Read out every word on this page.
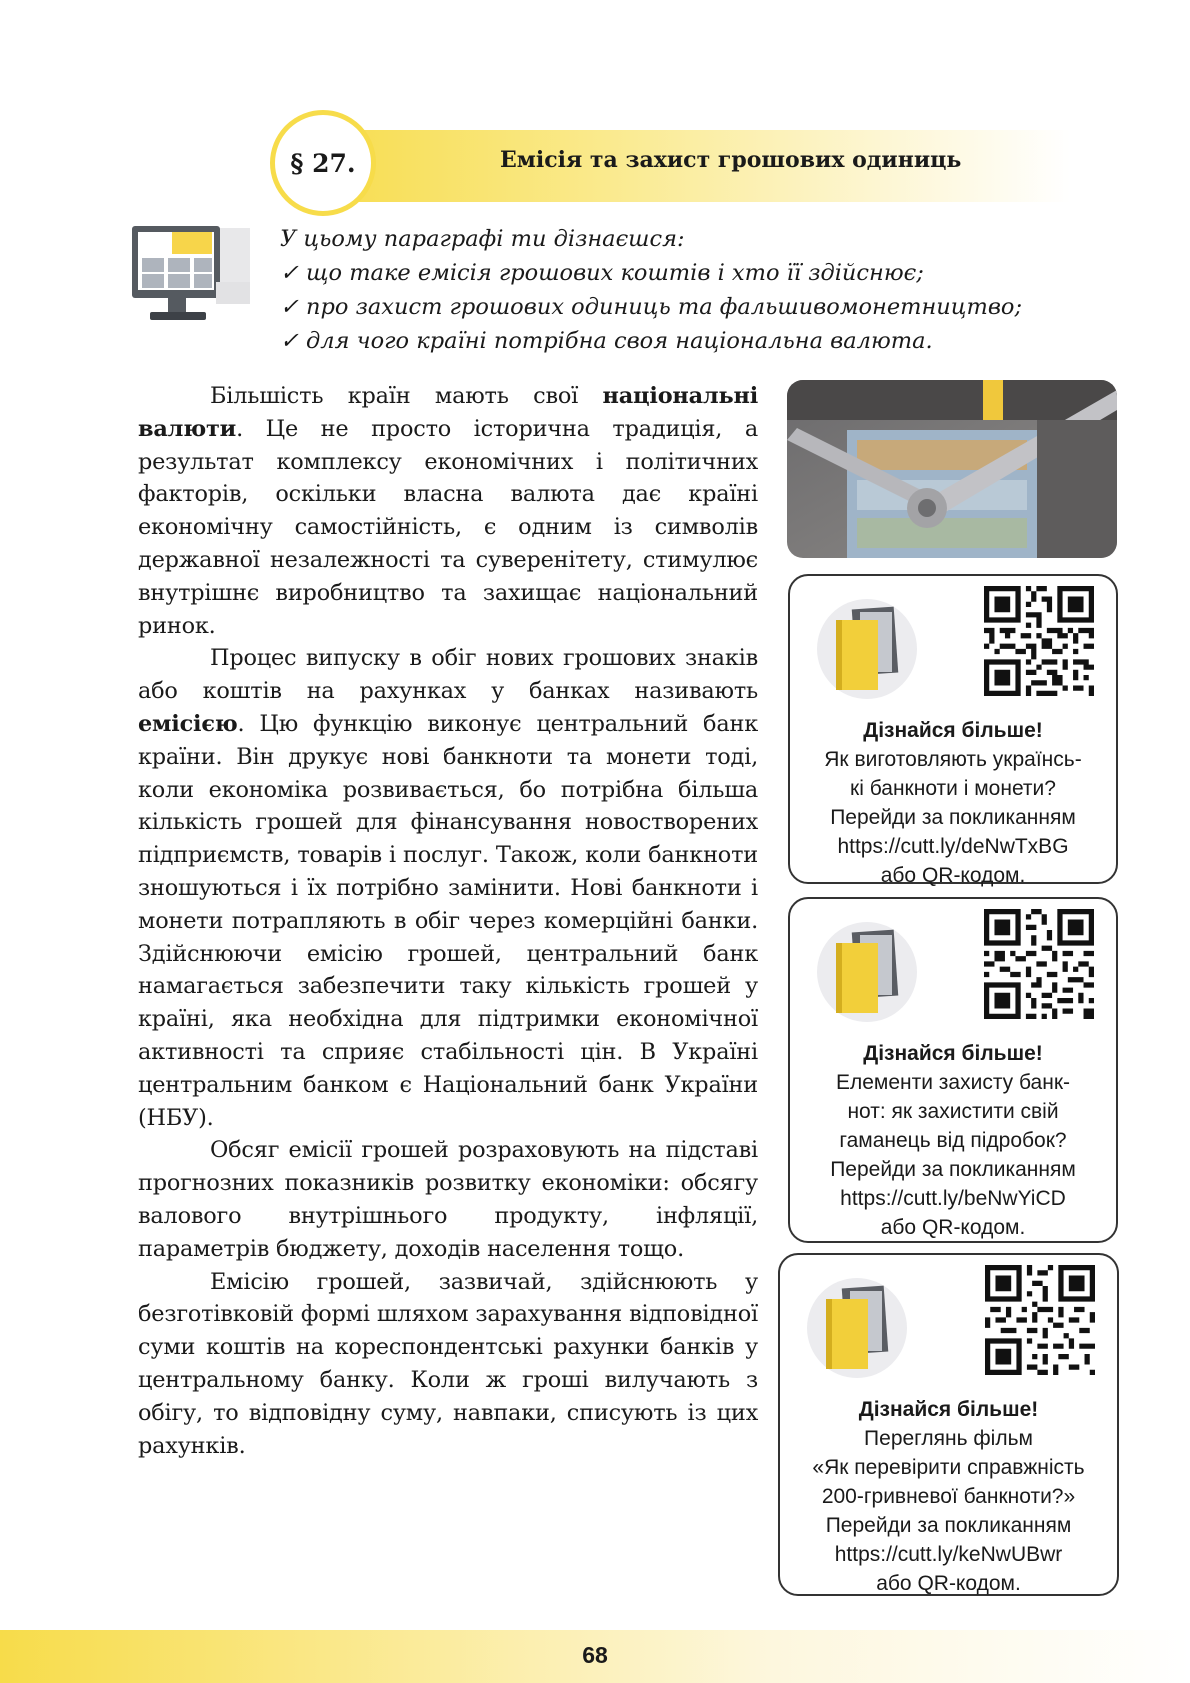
§ 27.	Емісія та захист грошових одиниць
У цьому параграфі ти дізнаєшся:
✓ що таке емісія грошових коштів і хто її здійснює;
✓ про захист грошових одиниць та фальшивомонетництво;
✓ для чого країні потрібна своя національна валюта.

Більшість країн мають свої національні валюти. Це не просто історична традиція, а результат комплексу економічних і політичних факторів, оскільки власна валюта дає країні економічну самостійність, є одним із символів державної незалежності та суверенітету, стимулює внутрішнє виробництво та захищає національний ринок.

Процес випуску в обіг нових грошових знаків або коштів на рахунках у банках називають емісією. Цю функцію виконує центральний банк країни. Він друкує нові банкноти та монети тоді, коли економіка розвивається, бо потрібна більша кількість грошей для фінансування новостворених підприємств, товарів і послуг. Також, коли банкноти зношуються і їх потрібно замінити. Нові банкноти і монети потрапляють в обіг через комерційні банки. Здійснюючи емісію грошей, центральний банк намагається забезпечити таку кількість грошей у країні, яка необхідна для підтримки економічної активності та сприяє стабільності цін. В Україні центральним банком є Національний банк України (НБУ).

Обсяг емісії грошей розраховують на підставі прогнозних показників розвитку економіки: обсягу валового внутрішнього продукту, інфляції, параметрів бюджету, доходів населення тощо.

Емісію грошей, зазвичай, здійснюють у безготівковій формі шляхом зарахування відповідної суми коштів на кореспондентські рахунки банків у центральному банку. Коли ж гроші вилучають з обігу, то відповідну суму, навпаки, списують із цих рахунків.

Дізнайся більше!
Як виготовляють українсь-
кі банкноти і монети?
Перейди за покликанням
https://cutt.ly/deNwTxBG
або QR-кодом.
Дізнайся більше!
Елементи захисту банк-
нот: як захистити свій
гаманець від підробок?
Перейди за покликанням
https://cutt.ly/beNwYiCD
або QR-кодом.
Дізнайся більше!
Переглянь фільм
«Як перевірити справжність
200-гривневої банкноти?»
Перейди за покликанням
https://cutt.ly/keNwUBwr
або QR-кодом.
68
